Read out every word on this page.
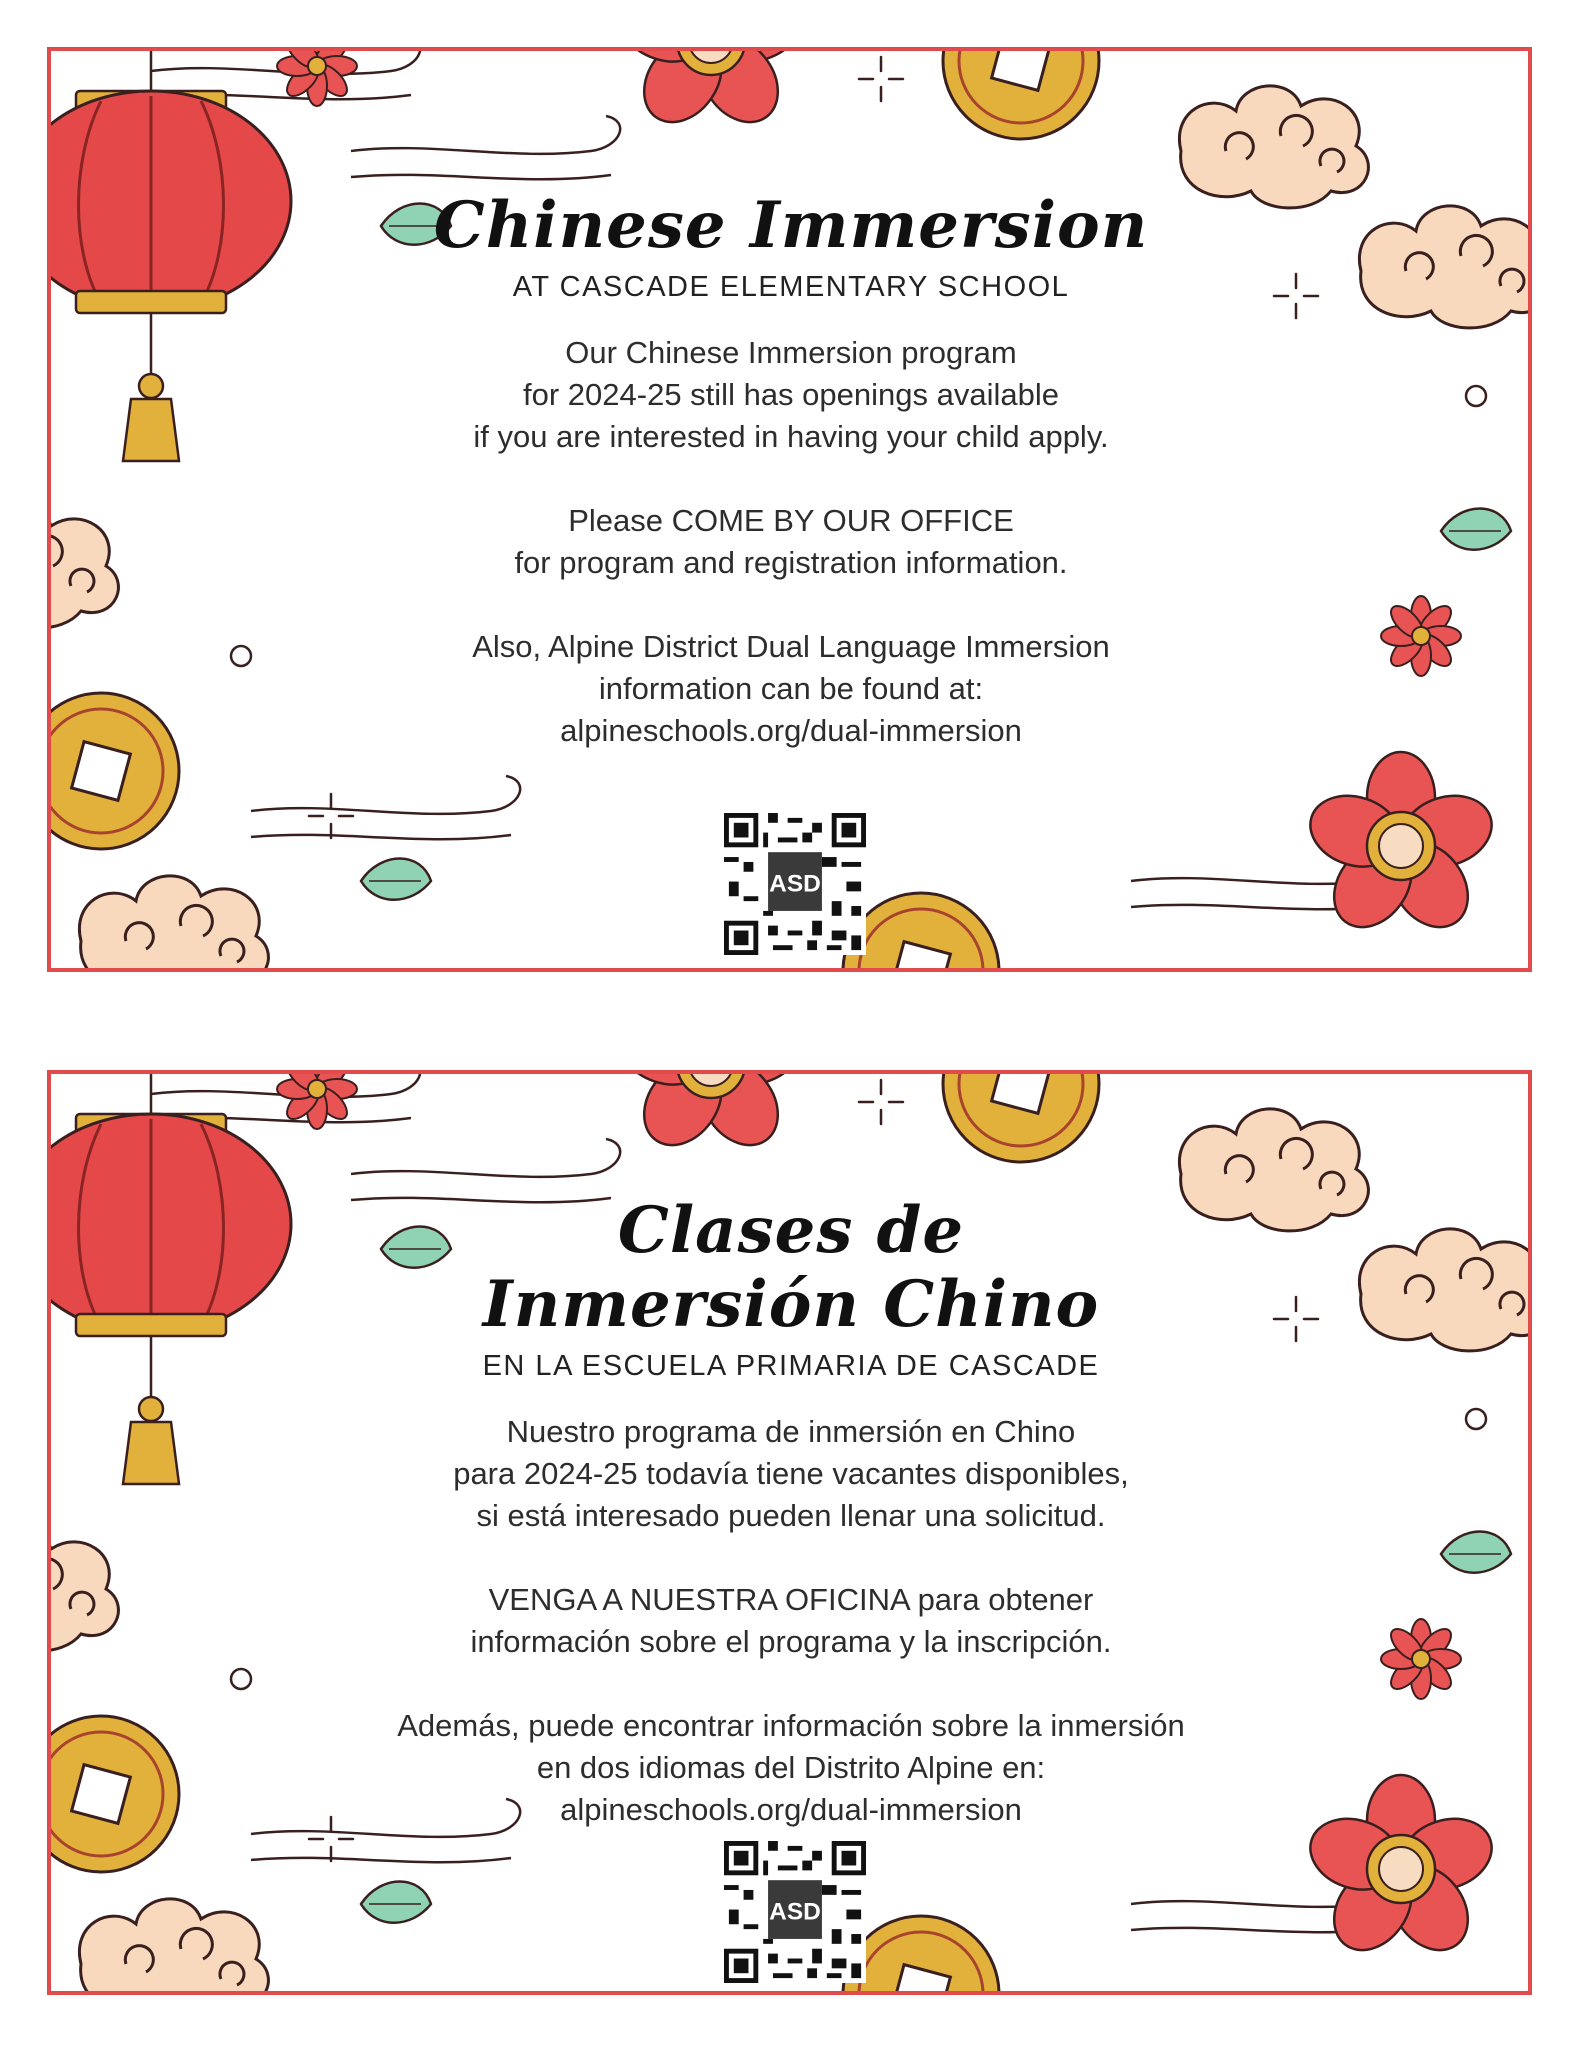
Chinese Immersion
AT CASCADE ELEMENTARY SCHOOL

Our Chinese Immersion program
for 2024-25 still has openings available
if you are interested in having your child apply.

Please COME BY OUR OFFICE
for program and registration information.

Also, Alpine District Dual Language Immersion
information can be found at:
alpineschools.org/dual-immersion

ASD
Clases de
Inmersión Chino
EN LA ESCUELA PRIMARIA DE CASCADE

Nuestro programa de inmersión en Chino
para 2024-25 todavía tiene vacantes disponibles,
si está interesado pueden llenar una solicitud.

VENGA A NUESTRA OFICINA para obtener
información sobre el programa y la inscripción.

Además, puede encontrar información sobre la inmersión
en dos idiomas del Distrito Alpine en:
alpineschools.org/dual-immersion

ASD
